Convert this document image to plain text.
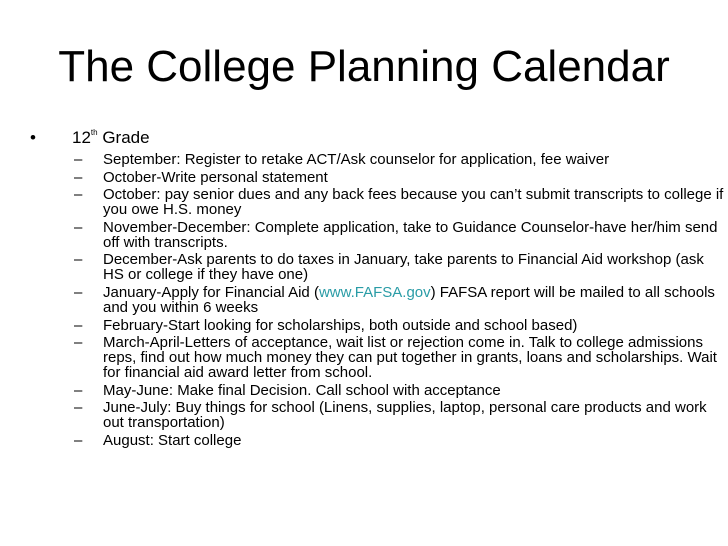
The College Planning Calendar
• 12th Grade
–	September: Register to retake ACT/Ask counselor for application, fee waiver
–	October-Write personal statement
–	October: pay senior dues and any back fees because you can’t submit transcripts to college if you owe H.S. money
–	November-December: Complete application, take to Guidance Counselor-have her/him send off with transcripts.
–	December-Ask parents to do taxes in January, take parents to Financial Aid workshop (ask HS or college if they have one)
–	January-Apply for Financial Aid (www.FAFSA.gov) FAFSA report will be mailed to all schools and you within 6 weeks
–	February-Start looking for scholarships, both outside and school based)
–	March-April-Letters of acceptance, wait list or rejection come in. Talk to college admissions reps, find out how much money they can put together in grants, loans and scholarships. Wait for financial aid award letter from school.
–	May-June: Make final Decision. Call school with acceptance
–	June-July: Buy things for school (Linens, supplies, laptop, personal care products and work out transportation)
–	August: Start college
